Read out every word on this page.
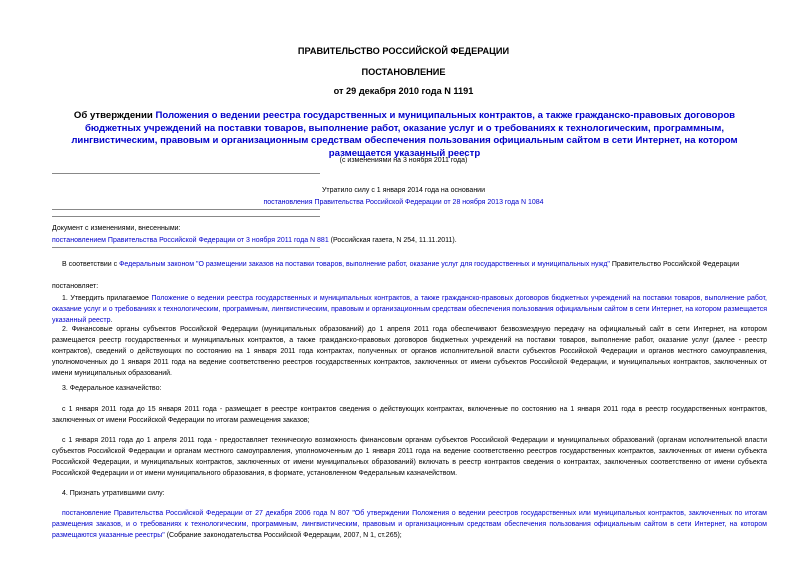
ПРАВИТЕЛЬСТВО РОССИЙСКОЙ ФЕДЕРАЦИИ
ПОСТАНОВЛЕНИЕ
от 29 декабря 2010 года N 1191
Об утверждении Положения о ведении реестра государственных и муниципальных контрактов, а также гражданско-правовых договоров бюджетных учреждений на поставки товаров, выполнение работ, оказание услуг и о требованиях к технологическим, программным, лингвистическим, правовым и организационным средствам обеспечения пользования официальным сайтом в сети Интернет, на котором размещается указанный реестр
(с изменениями на 3 ноября 2011 года)
Утратило силу с 1 января 2014 года на основании
постановления Правительства Российской Федерации от 28 ноября 2013 года N 1084
Документ с изменениями, внесенными:
постановлением Правительства Российской Федерации от 3 ноября 2011 года N 881 (Российская газета, N 254, 11.11.2011).
В соответствии с Федеральным законом "О размещении заказов на поставки товаров, выполнение работ, оказание услуг для государственных и муниципальных нужд" Правительство Российской Федерации
постановляет:
1. Утвердить прилагаемое Положение о ведении реестра государственных и муниципальных контрактов, а также гражданско-правовых договоров бюджетных учреждений на поставки товаров, выполнение работ, оказание услуг и о требованиях к технологическим, программным, лингвистическим, правовым и организационным средствам обеспечения пользования официальным сайтом в сети Интернет, на котором размещается указанный реестр.
2. Финансовые органы субъектов Российской Федерации (муниципальных образований) до 1 апреля 2011 года обеспечивают безвозмездную передачу на официальный сайт в сети Интернет, на котором размещается реестр государственных и муниципальных контрактов, а также гражданско-правовых договоров бюджетных учреждений на поставки товаров, выполнение работ, оказание услуг (далее - реестр контрактов), сведений о действующих по состоянию на 1 января 2011 года контрактах, полученных от органов исполнительной власти субъектов Российской Федерации и органов местного самоуправления, уполномоченных до 1 января 2011 года на ведение соответственно реестров государственных контрактов, заключенных от имени субъектов Российской Федерации, и муниципальных контрактов, заключенных от имени муниципальных образований.
3. Федеральное казначейство:
с 1 января 2011 года до 15 января 2011 года - размещает в реестре контрактов сведения о действующих контрактах, включенные по состоянию на 1 января 2011 года в реестр государственных контрактов, заключенных от имени Российской Федерации по итогам размещения заказов;
с 1 января 2011 года до 1 апреля 2011 года - предоставляет техническую возможность финансовым органам субъектов Российской Федерации и муниципальных образований (органам исполнительной власти субъектов Российской Федерации и органам местного самоуправления, уполномоченным до 1 января 2011 года на ведение соответственно реестров государственных контрактов, заключенных от имени субъекта Российской Федерации, и муниципальных контрактов, заключенных от имени муниципальных образований) включать в реестр контрактов сведения о контрактах, заключенных соответственно от имени субъекта Российской Федерации и от имени муниципального образования, в формате, установленном Федеральным казначейством.
4. Признать утратившими силу:
постановление Правительства Российской Федерации от 27 декабря 2006 года N 807 "Об утверждении Положения о ведении реестров государственных или муниципальных контрактов, заключенных по итогам размещения заказов, и о требованиях к технологическим, программным, лингвистическим, правовым и организационным средствам обеспечения пользования официальным сайтом в сети Интернет, на котором размещаются указанные реестры" (Собрание законодательства Российской Федерации, 2007, N 1, ст.265);
